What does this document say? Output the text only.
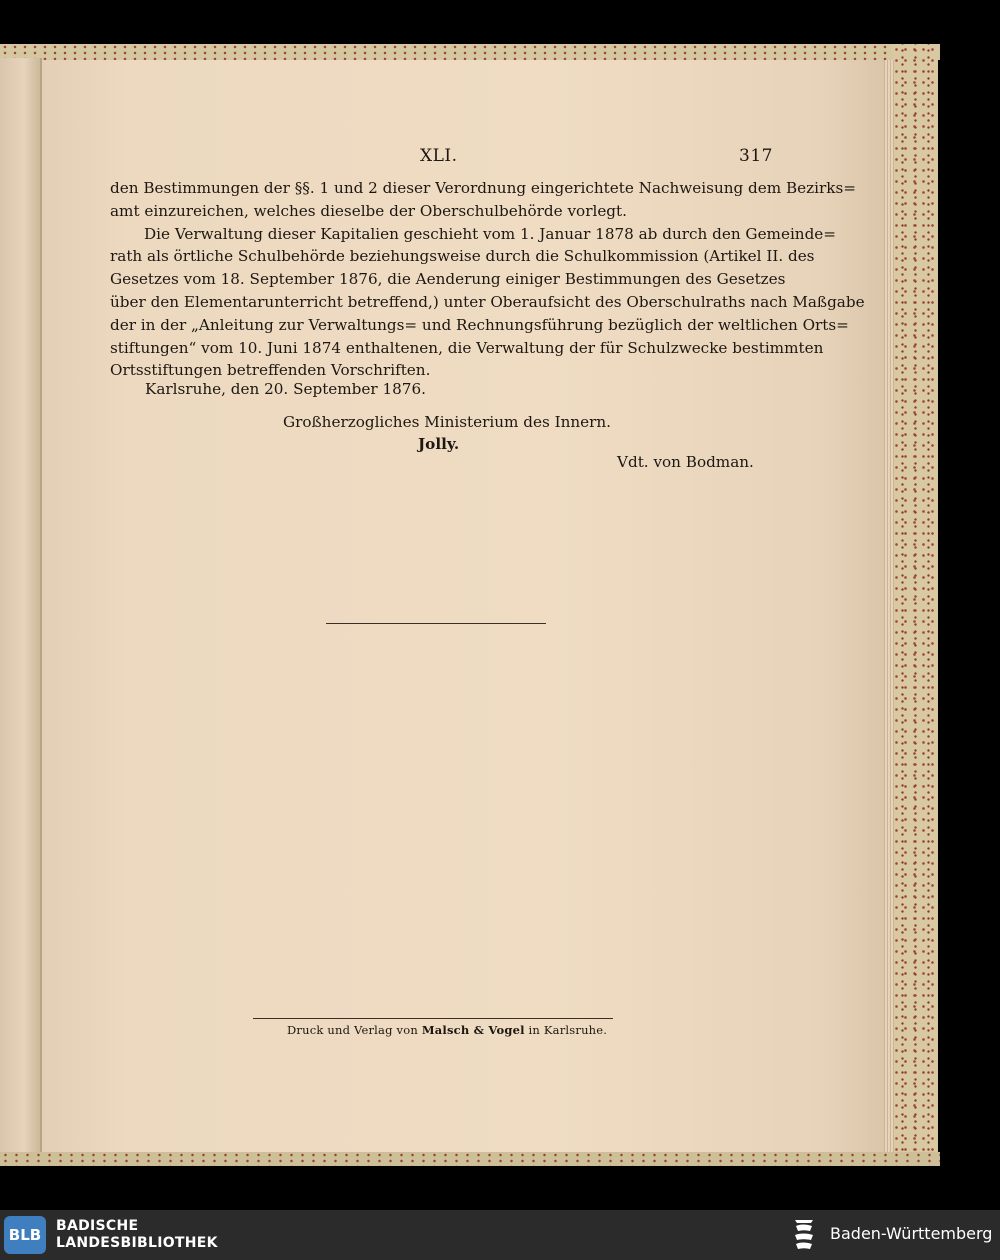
XLI.	317
den Bestimmungen der §§. 1 und 2 dieser Verordnung eingerichtete Nachweisung dem Bezirks=
amt einzureichen, welches dieselbe der Oberschulbehörde vorlegt.
Die Verwaltung dieser Kapitalien geschieht vom 1. Januar 1878 ab durch den Gemeinde=
rath als örtliche Schulbehörde beziehungsweise durch die Schulkommission (Artikel II. des
Gesetzes vom 18. September 1876, die Aenderung einiger Bestimmungen des Gesetzes
über den Elementarunterricht betreffend,) unter Oberaufsicht des Oberschulraths nach Maßgabe
der in der „Anleitung zur Verwaltungs= und Rechnungsführung bezüglich der weltlichen Orts=
stiftungen“ vom 10. Juni 1874 enthaltenen, die Verwaltung der für Schulzwecke bestimmten
Ortsstiftungen betreffenden Vorschriften.
Karlsruhe, den 20. September 1876.
Großherzogliches Ministerium des Innern.
Jolly.
Vdt. von Bodman.
Druck und Verlag von Malsch & Vogel in Karlsruhe.
BLB	BADISCHE
LANDESBIBLIOTHEK	Baden-Württemberg
